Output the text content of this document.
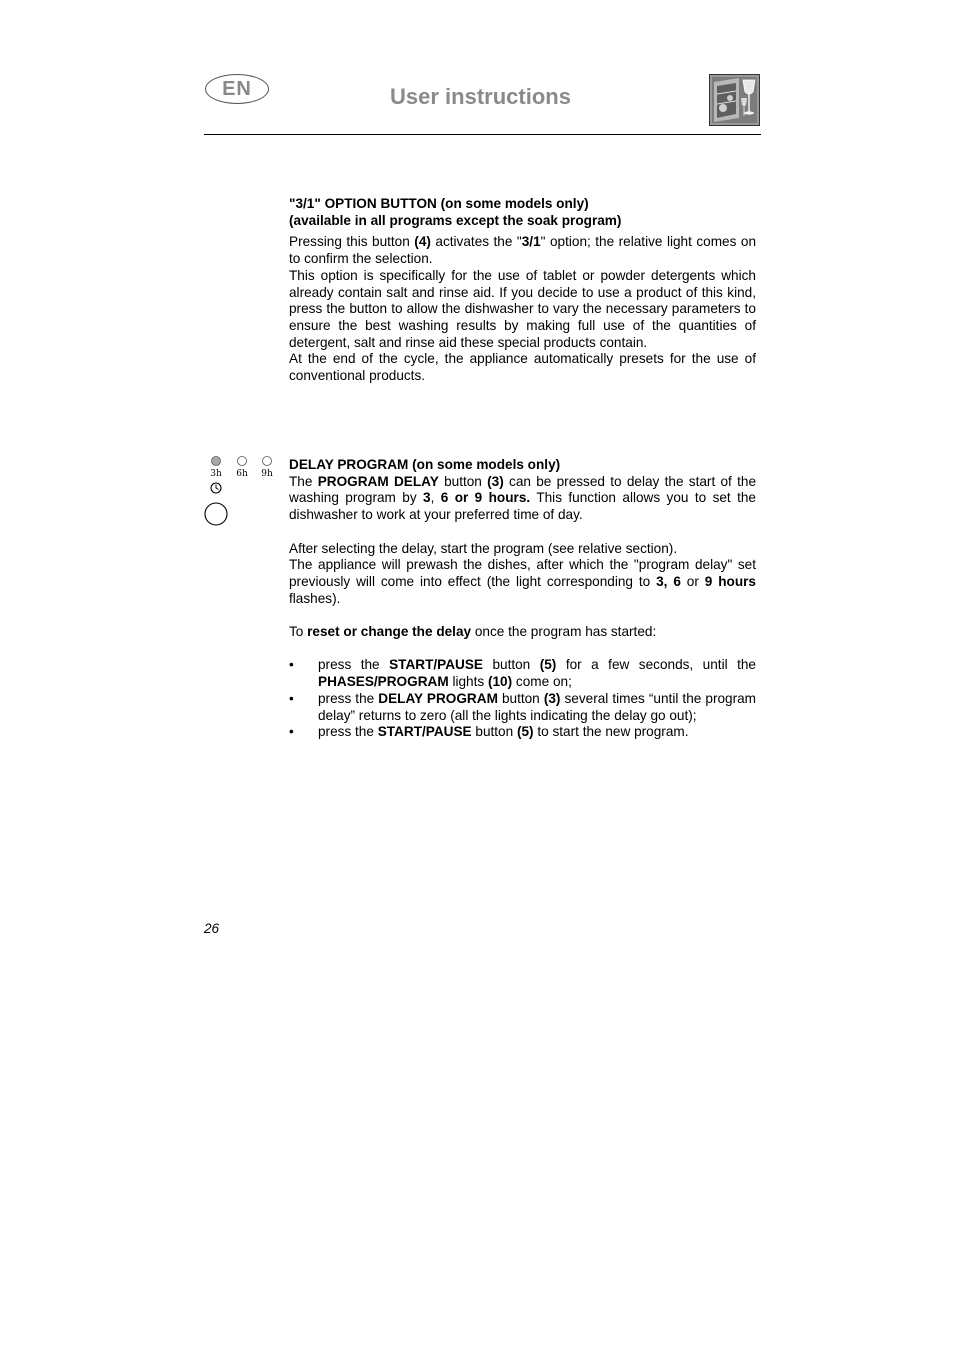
EN	User instructions

"3/1" OPTION BUTTON (on some models only)

(available in all programs except the soak program)

Pressing this button (4) activates the "3/1" option; the relative light comes on to confirm the selection.

This option is specifically for the use of tablet or powder detergents which already contain salt and rinse aid. If you decide to use a product of this kind, press the button to allow the dishwasher to vary the necessary parameters to ensure the best washing results by making full use of the quantities of detergent, salt and rinse aid these special products contain.

At the end of the cycle, the appliance automatically presets for the use of conventional products.

3h 6h 9h

DELAY PROGRAM (on some models only)

The PROGRAM DELAY button (3) can be pressed to delay the start of the washing program by 3, 6 or 9 hours. This function allows you to set the dishwasher to work at your preferred time of day.

After selecting the delay, start the program (see relative section).

The appliance will prewash the dishes, after which the "program delay" set previously will come into effect (the light corresponding to 3, 6 or 9 hours flashes).

To reset or change the delay once the program has started:

• press the START/PAUSE button (5) for a few seconds, until the PHASES/PROGRAM lights (10) come on;
• press the DELAY PROGRAM button (3) several times “until the program delay” returns to zero (all the lights indicating the delay go out);
• press the START/PAUSE button (5) to start the new program.
26
